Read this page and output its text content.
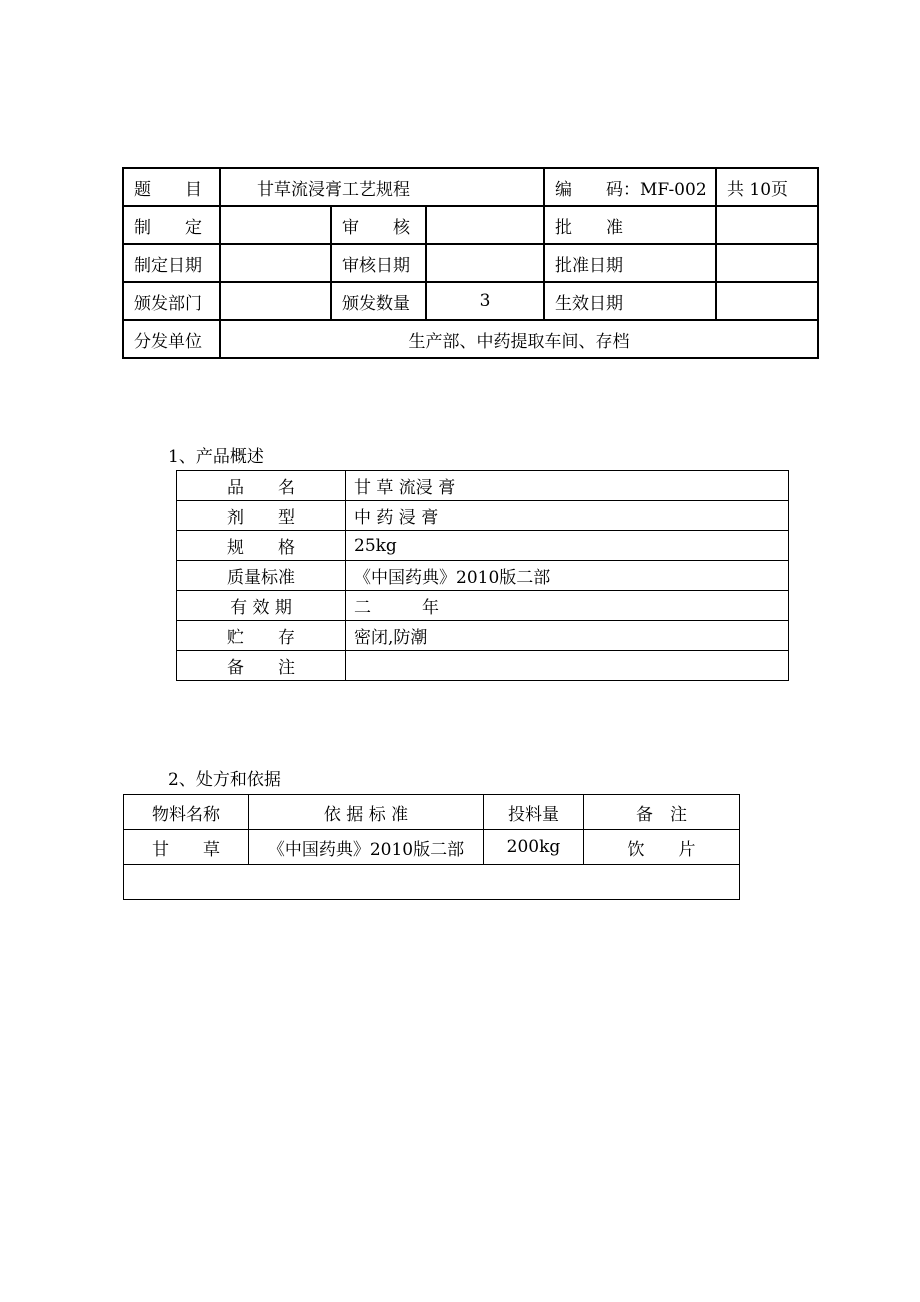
题  目	甘草流浸膏工艺规程			编  码：MF-002	共 10页
制  定		审  核		批  准	
制定日期		审核日期		批准日期	
颁发部门		颁发数量	3	生效日期	
分发单位	生产部、中药提取车间、存档				
1、产品概述
品  名	甘 草 流浸 膏
剂  型	中 药 浸 膏
规  格	25kg
质量标准	《中国药典》2010版二部
有 效 期	二   年
贮  存	密闭,防潮
备  注	
2、处方和依据
物料名称	依 据 标 准	投料量	备 注
甘  草	《中国药典》2010版二部	200kg	饮  片
